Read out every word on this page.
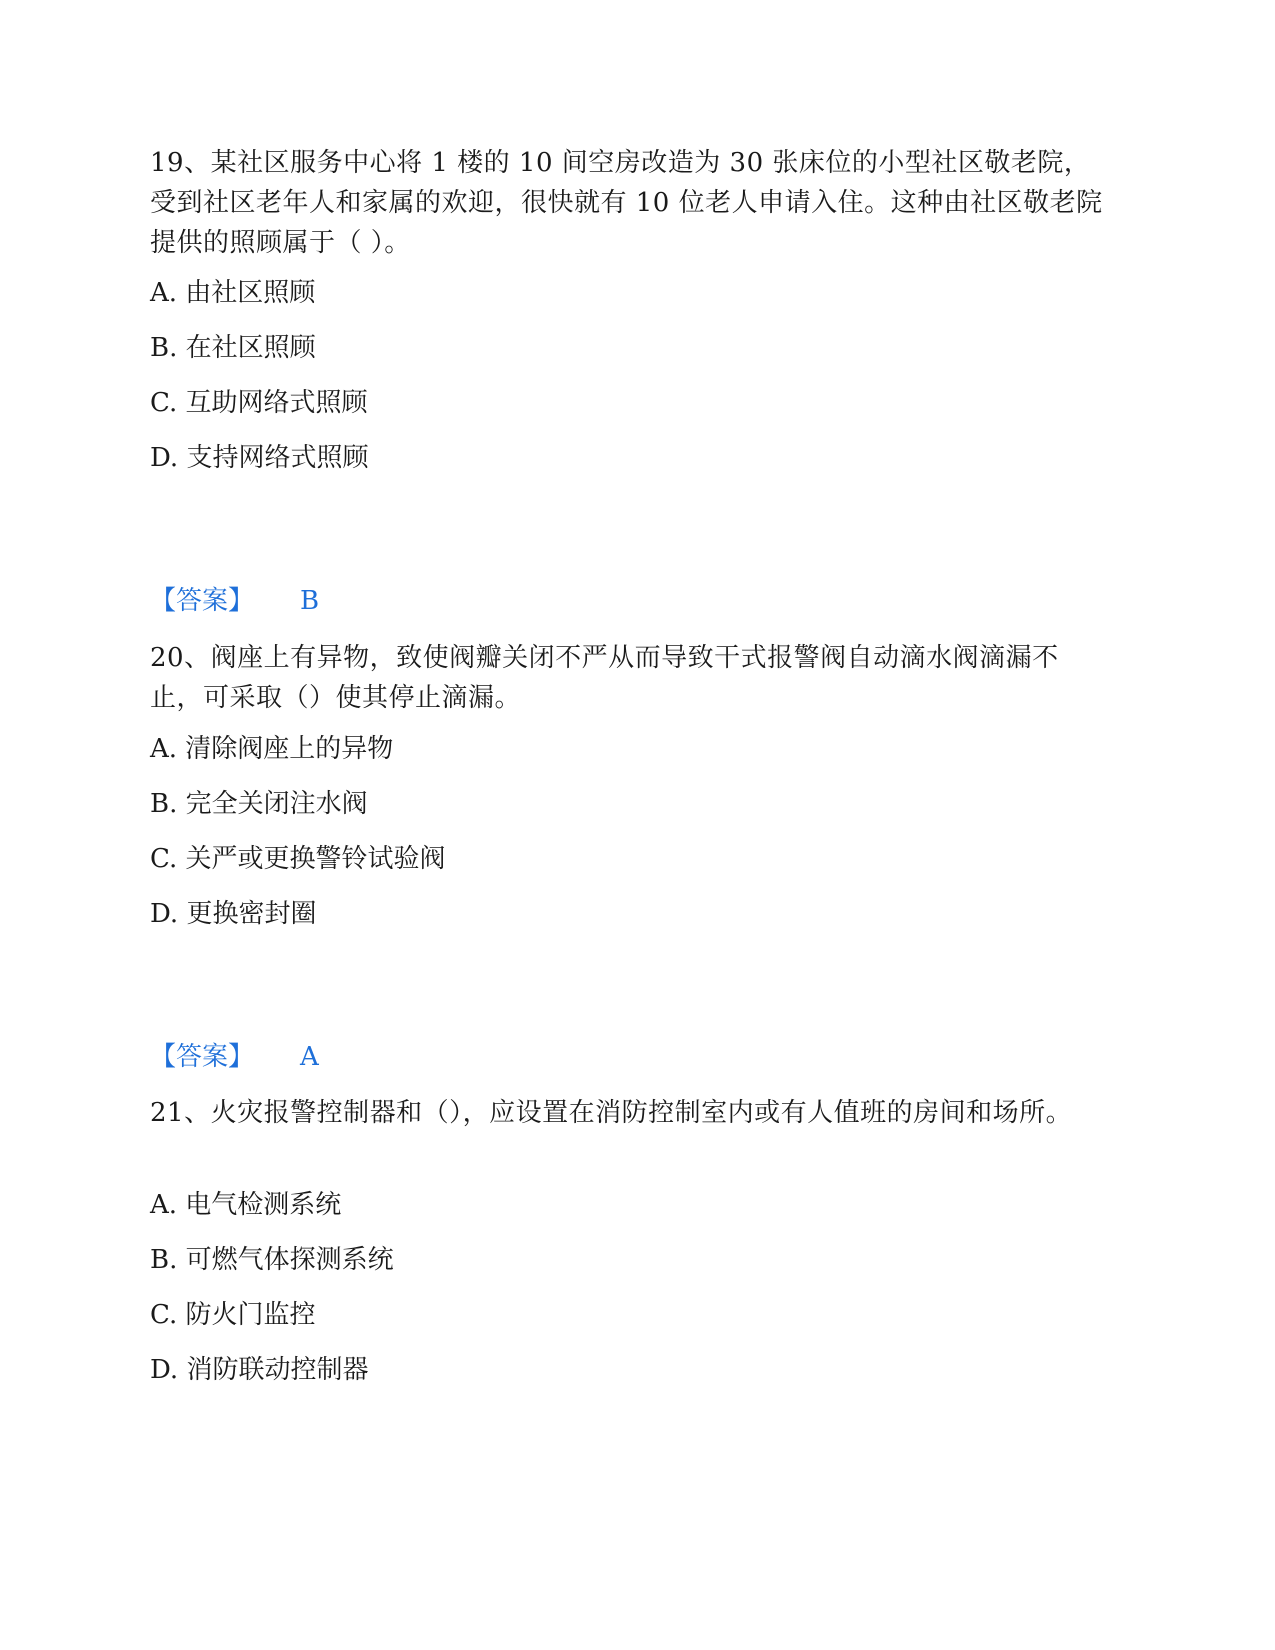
19、某社区服务中心将 1 楼的 10 间空房改造为 30 张床位的小型社区敬老院，受到社区老年人和家属的欢迎，很快就有 10 位老人申请入住。这种由社区敬老院提供的照顾属于（ ）。

A. 由社区照顾

B. 在社区照顾

C. 互助网络式照顾

D. 支持网络式照顾

【答案】 B

20、阀座上有异物，致使阀瓣关闭不严从而导致干式报警阀自动滴水阀滴漏不止，可采取（）使其停止滴漏。

A. 清除阀座上的异物

B. 完全关闭注水阀

C. 关严或更换警铃试验阀

D. 更换密封圈

【答案】 A

21、火灾报警控制器和（），应设置在消防控制室内或有人值班的房间和场所。

A. 电气检测系统

B. 可燃气体探测系统

C. 防火门监控

D. 消防联动控制器
